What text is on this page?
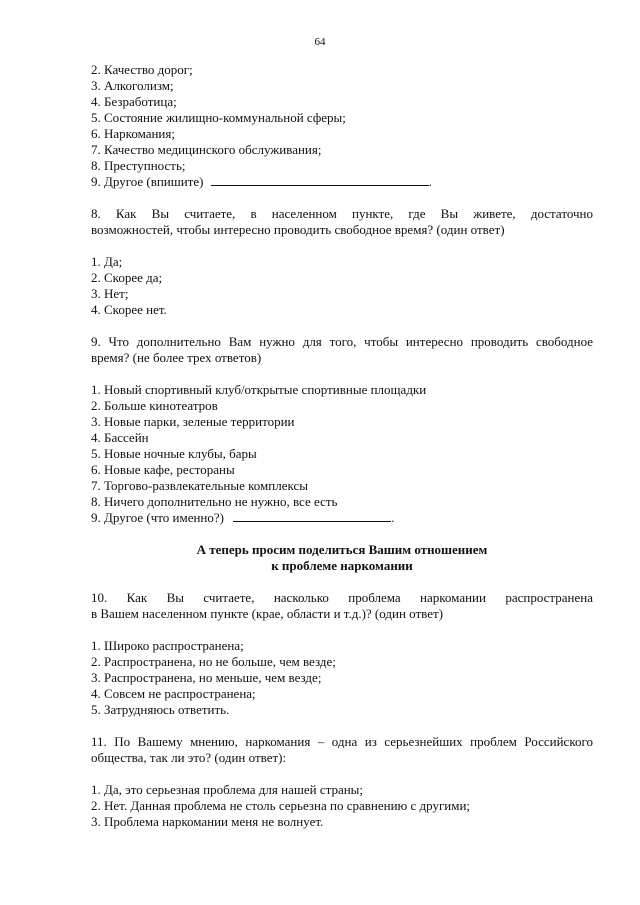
64
2. Качество дорог;
3. Алкоголизм;
4. Безработица;
5. Состояние жилищно-коммунальной сферы;
6. Наркомания;
7. Качество медицинского обслуживания;
8. Преступность;
9. Другое (впишите)	.
8. Как Вы считаете, в населенном пункте, где Вы живете, достаточно
возможностей, чтобы интересно проводить свободное время? (один ответ)
1. Да;
2. Скорее да;
3. Нет;
4. Скорее нет.
9. Что дополнительно Вам нужно для того, чтобы интересно проводить свободное
время? (не более трех ответов)
1. Новый спортивный клуб/открытые спортивные площадки
2. Больше кинотеатров
3. Новые парки, зеленые территории
4. Бассейн
5. Новые ночные клубы, бары
6. Новые кафе, рестораны
7. Торгово-развлекательные комплексы
8. Ничего дополнительно не нужно, все есть
9. Другое (что именно?)	.
А теперь просим поделиться Вашим отношением
к проблеме наркомании
10. Как Вы считаете, насколько проблема наркомании распространена
в Вашем населенном пункте (крае, области и т.д.)? (один ответ)
1. Широко распространена;
2. Распространена, но не больше, чем везде;
3. Распространена, но меньше, чем везде;
4. Совсем не распространена;
5. Затрудняюсь ответить.
11. По Вашему мнению, наркомания – одна из серьезнейших проблем Российского
общества, так ли это? (один ответ):
1. Да, это серьезная проблема для нашей страны;
2. Нет. Данная проблема не столь серьезна по сравнению с другими;
3. Проблема наркомании меня не волнует.
